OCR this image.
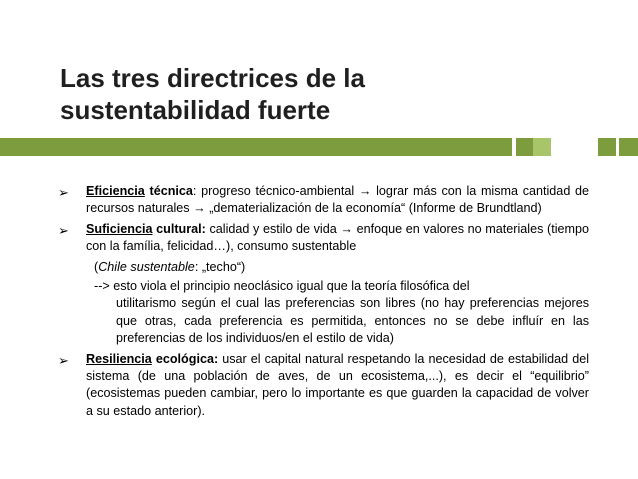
Las tres directrices de la
sustentabilidad fuerte
➢ Eficiencia técnica: progreso técnico-ambiental → lograr más con la misma cantidad de recursos naturales → „dematerialización de la economía“ (Informe de Brundtland)
➢ Suficiencia cultural: calidad y estilo de vida → enfoque en valores no materiales (tiempo con la família, felicidad…), consumo sustentable
(Chile sustentable: „techo“)
--> esto viola el principio neoclásico igual que la teoría filosófica del
utilitarismo según el cual las preferencias son libres (no hay preferencias mejores que otras, cada preferencia es permitida, entonces no se debe influír en las preferencias de los individuos/en el estilo de vida)
➢ Resiliencia ecológica: usar el capital natural respetando la necesidad de estabilidad del sistema (de una población de aves, de un ecosistema,...), es decir el “equilibrio” (ecosistemas pueden cambiar, pero lo importante es que guarden la capacidad de volver a su estado anterior).
